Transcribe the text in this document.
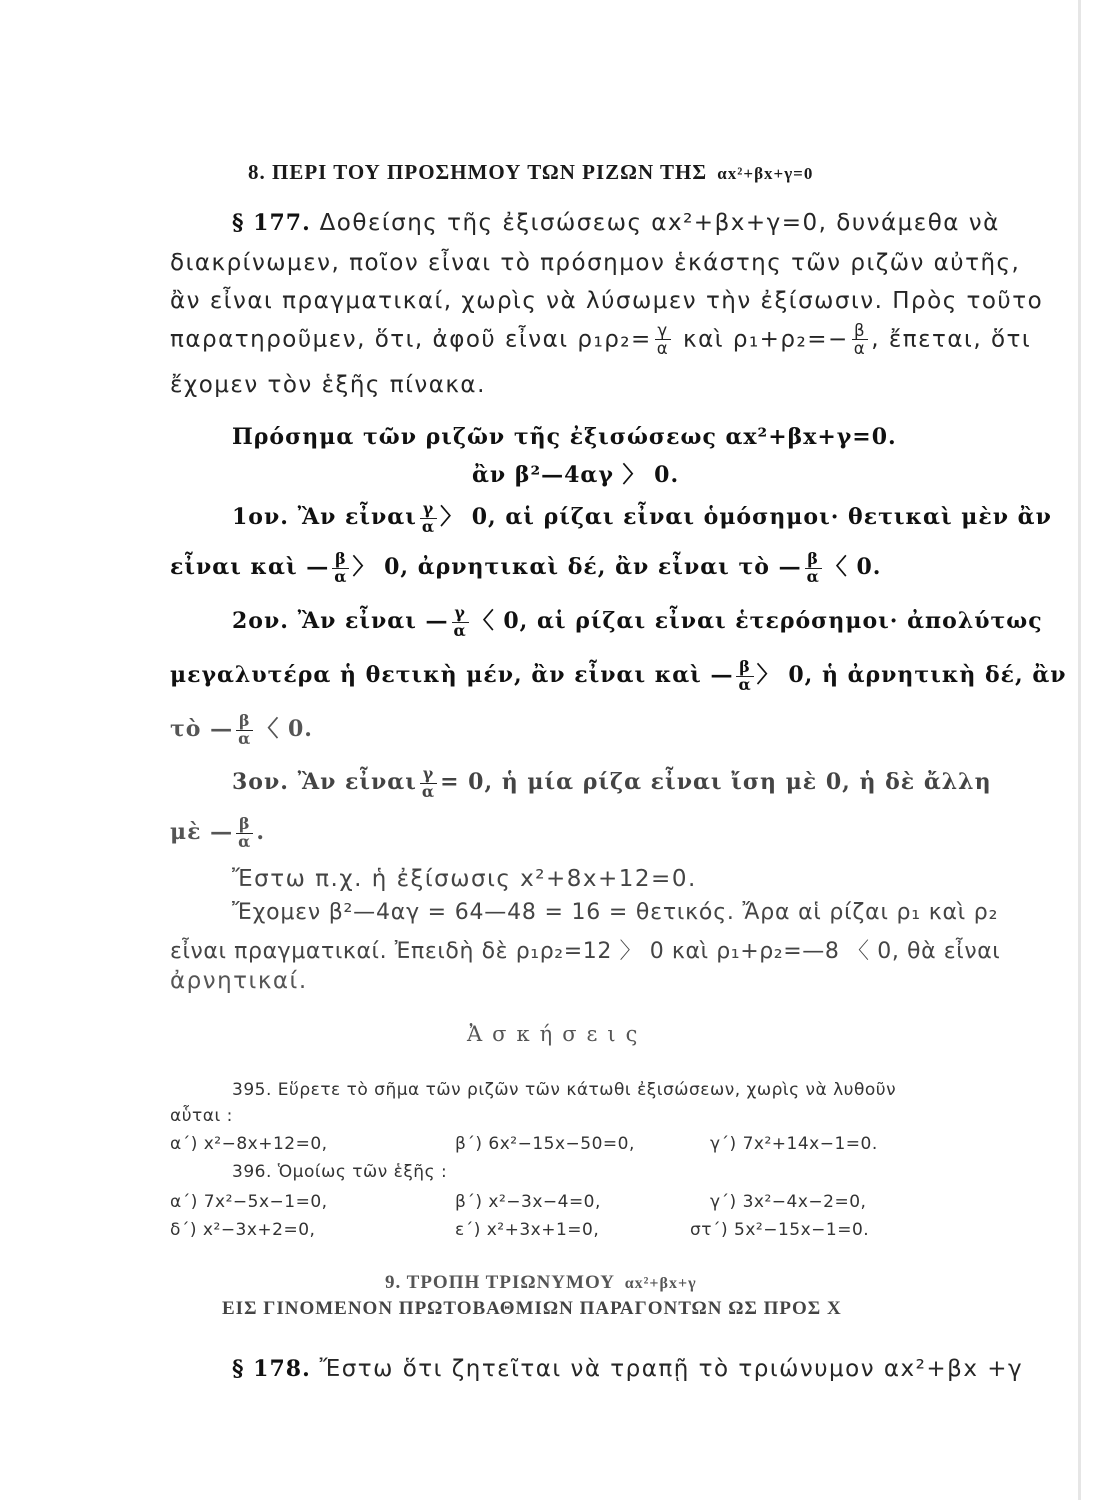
8. ΠΕΡΙ ΤΟΥ ΠΡΟΣΗΜΟΥ ΤΩΝ ΡΙΖΩΝ ΤΗΣ αx²+βx+γ=0
§ 177. Δοθείσης τῆς ἐξισώσεως αx²+βx+γ=0, δυνάμεθα νὰ
διακρίνωμεν, ποῖον εἶναι τὸ πρόσημον ἑκάστης τῶν ριζῶν αὐτῆς,
ἂν εἶναι πραγματικαί, χωρὶς νὰ λύσωμεν τὴν ἐξίσωσιν. Πρὸς τοῦτο
παρατηροῦμεν, ὅτι, ἀφοῦ εἶναι $\rho_1\rho_2= \frac{\gamma}{\alpha}$ καὶ $\rho_1+\rho_2=- \frac{\beta}{\alpha}$ , ἔπεται, ὅτι
ἔχομεν τὸν ἑξῆς πίνακα.
Πρόσημα τῶν ριζῶν τῆς ἐξισώσεως αx²+βx+γ=0.
ἂν β²—4αγ 〉 0.
1ον. Ἂν εἶναι $\frac{\gamma}{\alpha}$ 〉 0, αἱ ρίζαι εἶναι ὁμόσημοι· θετικαὶ μὲν ἂν
εἶναι καὶ — $\frac{\beta}{\alpha}$ 〉 0, ἀρνητικαὶ δέ, ἂν εἶναι τὸ — $\frac{\beta}{\alpha}$ 〈 0.
2ον. Ἂν εἶναι — $\frac{\gamma}{\alpha}$ 〈 0, αἱ ρίζαι εἶναι ἑτερόσημοι· ἀπολύτως
μεγαλυτέρα ἡ θετικὴ μέν, ἂν εἶναι καὶ — $\frac{\beta}{\alpha}$ 〉 0, ἡ ἀρνητικὴ δέ, ἂν
τὸ — $\frac{\beta}{\alpha}$ 〈 0.
3ον. Ἂν εἶναι $\frac{\gamma}{\alpha} = 0$, ἡ μία ρίζα εἶναι ἴση μὲ 0, ἡ δὲ ἄλλη
μὲ — $\frac{\beta}{\alpha}$ .
Ἔστω π.χ. ἡ ἐξίσωσις x²+8x+12=0.
Ἔχομεν β²—4αγ = 64—48 = 16 = θετικός. Ἄρα αἱ ρίζαι ρ₁ καὶ ρ₂
εἶναι πραγματικαί. Ἐπειδὴ δὲ ρ₁ρ₂=12 〉 0 καὶ ρ₁+ρ₂=—8 〈 0, θὰ εἶναι
ἀρνητικαί.
Ἀσκήσεις
395. Εὕρετε τὸ σῆμα τῶν ριζῶν τῶν κάτωθι ἐξισώσεων, χωρὶς νὰ λυθοῦν
αὗται :
α΄) x²−8x+12=0,	β΄) 6x²−15x−50=0,	γ΄) 7x²+14x−1=0.
396. Ὁμοίως τῶν ἑξῆς :
α΄) 7x²−5x−1=0,	β΄) x²−3x−4=0,	γ΄) 3x²−4x−2=0,
δ΄) x²−3x+2=0,	ε΄) x²+3x+1=0,	στ΄) 5x²−15x−1=0.
9. ΤΡΟΠΗ ΤΡΙΩΝΥΜΟΥ αx²+βx+γ
ΕΙΣ ΓΙΝΟΜΕΝΟΝ ΠΡΩΤΟΒΑΘΜΙΩΝ ΠΑΡΑΓΟΝΤΩΝ ΩΣ ΠΡΟΣ Χ
§ 178. Ἔστω ὅτι ζητεῖται νὰ τραπῇ τὸ τριώνυμον αx²+βx +γ
